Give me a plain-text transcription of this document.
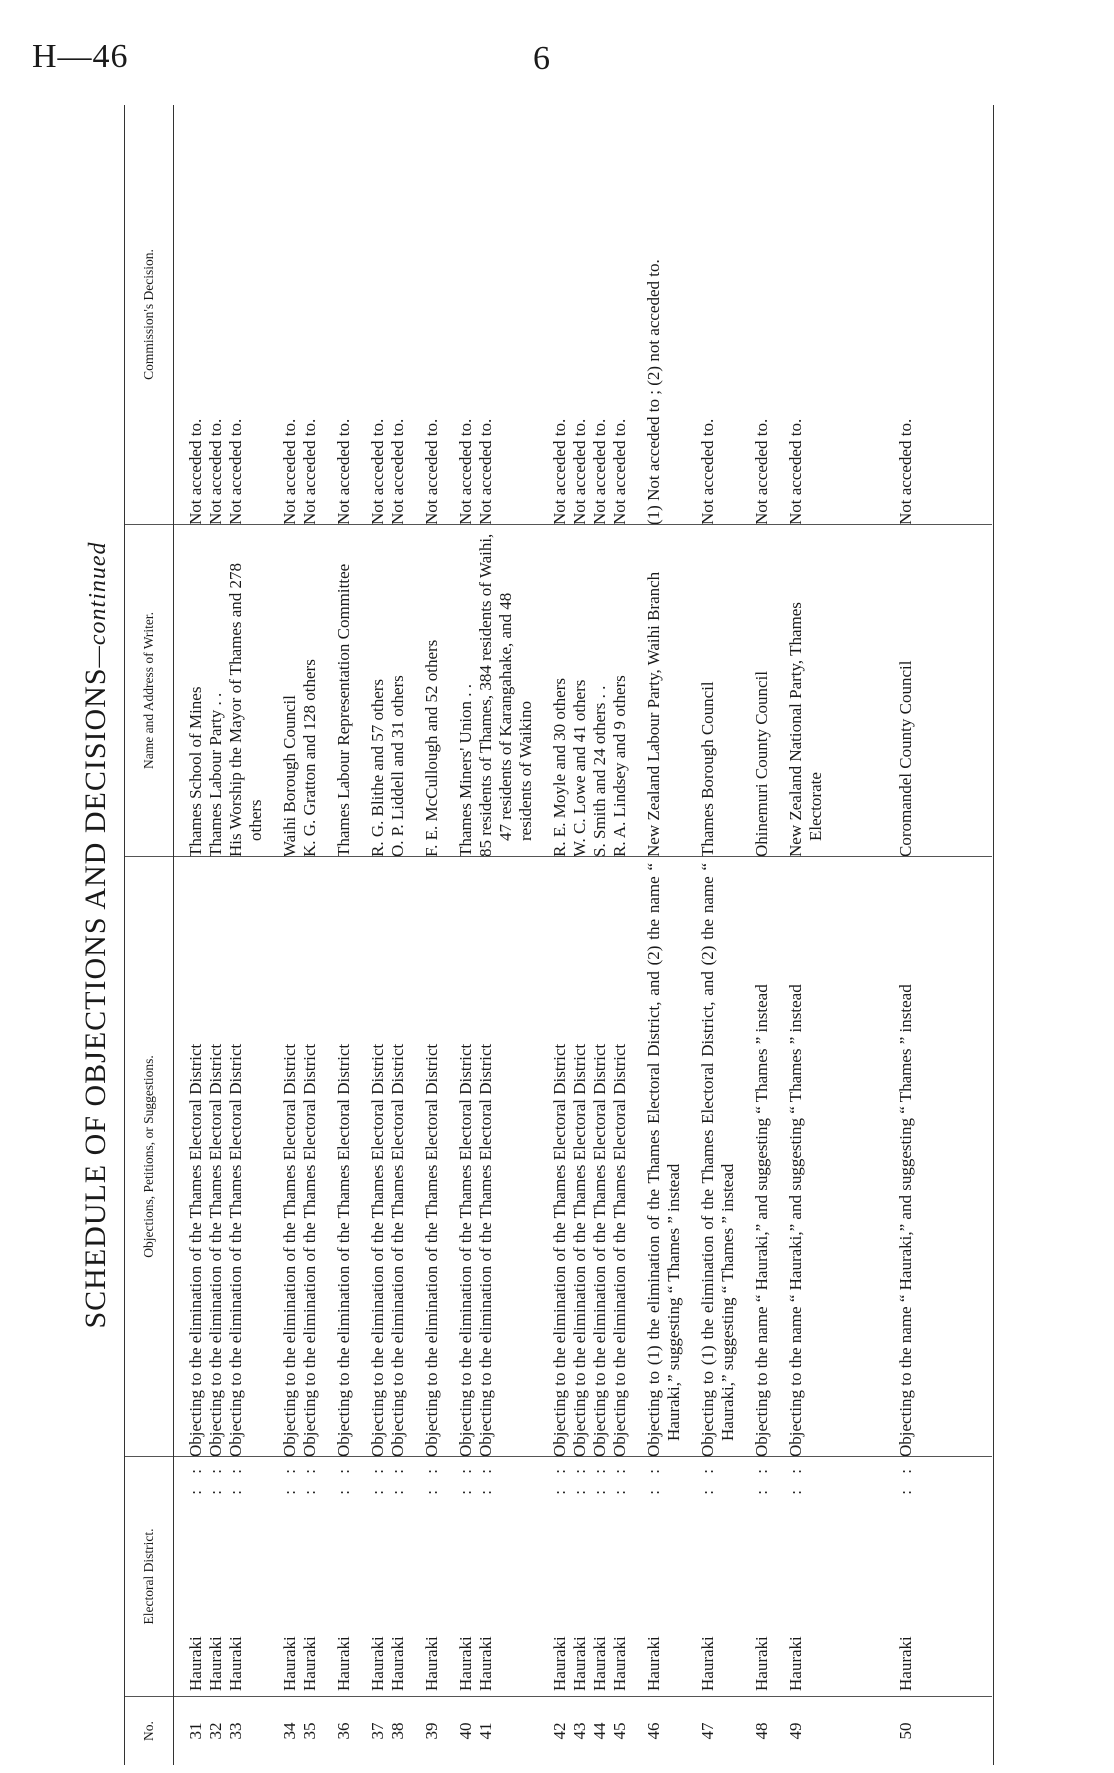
H—46	6
SCHEDULE OF OBJECTIONS AND DECISIONS—continued
No.
Electoral District.
Objections, Petitions, or Suggestions.
Name and Address of Writer.
Commission's Decision.
31
Hauraki
: :
Objecting to the elimination of the Thames Electoral District
Thames School of Mines
Not acceded to.
32
Hauraki
: :
Objecting to the elimination of the Thames Electoral District
Thames Labour Party . .
Not acceded to.
33
Hauraki
: :
Objecting to the elimination of the Thames Electoral District
His Worship the Mayor of Thames and 278 others
Not acceded to.
34
Hauraki
: :
Objecting to the elimination of the Thames Electoral District
Waihi Borough Council
Not acceded to.
35
Hauraki
: :
Objecting to the elimination of the Thames Electoral District
K. G. Gratton and 128 others
Not acceded to.
36
Hauraki
: :
Objecting to the elimination of the Thames Electoral District
Thames Labour Representation Committee
Not acceded to.
37
Hauraki
: :
Objecting to the elimination of the Thames Electoral District
R. G. Blithe and 57 others
Not acceded to.
38
Hauraki
: :
Objecting to the elimination of the Thames Electoral District
O. P. Liddell and 31 others
Not acceded to.
39
Hauraki
: :
Objecting to the elimination of the Thames Electoral District
F. E. McCullough and 52 others
Not acceded to.
40
Hauraki
: :
Objecting to the elimination of the Thames Electoral District
Thames Miners' Union . .
Not acceded to.
41
Hauraki
: :
Objecting to the elimination of the Thames Electoral District
85 residents of Thames, 384 residents of Waihi, 47 residents of Karangahake, and 48 residents of Waikino
Not acceded to.
42
Hauraki
: :
Objecting to the elimination of the Thames Electoral District
R. E. Moyle and 30 others
Not acceded to.
43
Hauraki
: :
Objecting to the elimination of the Thames Electoral District
W. C. Lowe and 41 others
Not acceded to.
44
Hauraki
: :
Objecting to the elimination of the Thames Electoral District
S. Smith and 24 others . .
Not acceded to.
45
Hauraki
: :
Objecting to the elimination of the Thames Electoral District
R. A. Lindsey and 9 others
Not acceded to.
46
Hauraki
: :
Objecting to (1) the elimination of the Thames Electoral District, and (2) the name “ Hauraki,” suggesting “ Thames ” instead
New Zealand Labour Party, Waihi Branch
(1) Not acceded to ; (2) not acceded to.
47
Hauraki
: :
Objecting to (1) the elimination of the Thames Electoral District, and (2) the name “ Hauraki,” suggesting “ Thames ” instead
Thames Borough Council
Not acceded to.
48
Hauraki
: :
Objecting to the name “ Hauraki,” and suggesting “ Thames ” instead
Ohinemuri County Council
Not acceded to.
49
Hauraki
: :
Objecting to the name “ Hauraki,” and suggesting “ Thames ” instead
New Zealand National Party, Thames Electorate
Not acceded to.
50
Hauraki
: :
Objecting to the name “ Hauraki,” and suggesting “ Thames ” instead
Coromandel County Council
Not acceded to.
